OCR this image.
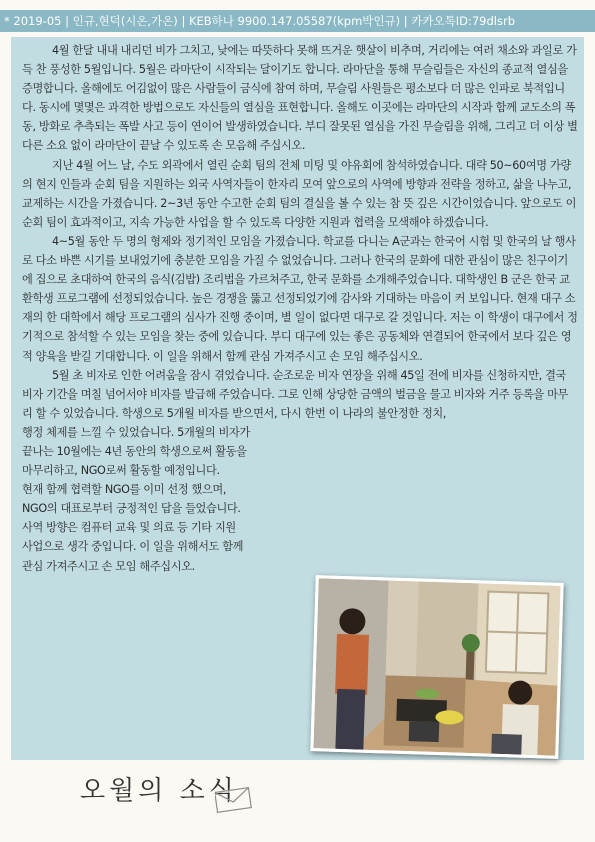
* 2019-05 | 인규,현덕(시온,가온) | KEB하나 9900.147.05587(kpm박인규) | 카카오톡ID:79dlsrb

4월 한달 내내 내리던 비가 그치고, 낮에는 따뜻하다 못해 뜨거운 햇살이 비추며, 거리에는 여러 채소와 과일로 가득 찬 풍성한 5월입니다. 5월은 라마단이 시작되는 달이기도 합니다. 라마단을 통해 무슬림들은 자신의 종교적 열심을 증명합니다. 올해에도 어김없이 많은 사람들이 금식에 참여 하며, 무슬림 사원들은 평소보다 더 많은 인파로 북적입니다. 동시에 몇몇은 과격한 방법으로도 자신들의 열심을 표현합니다. 올해도 이곳에는 라마단의 시작과 함께 교도소의 폭동, 방화로 추측되는 폭발 사고 등이 연이어 발생하였습니다. 부디 잘못된 열심을 가진 무슬림을 위해, 그리고 더 이상 별다른 소요 없이 라마단이 끝날 수 있도록 손 모음해 주십시오.

지난 4월 어느 날, 수도 외곽에서 열린 순회 팀의 전체 미팅 및 야유회에 참석하였습니다. 대략 50~60여명 가량의 현지 인들과 순회 팀을 지원하는 외국 사역자들이 한자리 모여 앞으로의 사역에 방향과 전략을 정하고, 삶을 나누고, 교제하는 시간을 가졌습니다. 2~3년 동안 수고한 순회 팀의 결실을 볼 수 있는 참 뜻 깊은 시간이었습니다. 앞으로도 이 순회 팀이 효과적이고, 지속 가능한 사업을 할 수 있도록 다양한 지원과 협력을 모색해야 하겠습니다.

4~5월 동안 두 명의 형제와 정기적인 모임을 가졌습니다. 학교를 다니는 A군과는 한국어 시험 및 한국의 날 행사로 다소 바쁜 시기를 보내었기에 충분한 모임을 가질 수 없었습니다. 그러나 한국의 문화에 대한 관심이 많은 친구이기에 집으로 초대하여 한국의 음식(김밥) 조리법을 가르쳐주고, 한국 문화를 소개해주었습니다. 대학생인 B 군은 한국 교환학생 프로그램에 선정되었습니다. 높은 경쟁을 뚫고 선정되었기에 감사와 기대하는 마음이 커 보입니다. 현재 대구 소재의 한 대학에서 해당 프로그램의 심사가 진행 중이며, 별 일이 없다면 대구로 갈 것입니다. 저는 이 학생이 대구에서 정기적으로 참석할 수 있는 모임을 찾는 중에 있습니다. 부디 대구에 있는 좋은 공동체와 연결되어 한국에서 보다 깊은 영적 양육을 받길 기대합니다. 이 일을 위해서 함께 관심 가져주시고 손 모임 해주십시오.

5월 초 비자로 인한 어려움을 잠시 겪었습니다. 순조로운 비자 연장을 위해 45일 전에 비자를 신청하지만, 결국 비자 기간을 며칠 넘어서야 비자를 발급해 주었습니다. 그로 인해 상당한 금액의 벌금을 물고 비자와 거주 등록을 마무리 할 수 있었습니다. 학생으로 5개월 비자를 받으면서, 다시 한번 이 나라의 불안정한 정치,

행정 체제를 느낄 수 있었습니다. 5개월의 비자가
끝나는 10월에는 4년 동안의 학생으로써 활동을
마무리하고, NGO로써 활동할 예정입니다.
현재 함께 협력할 NGO를 이미 선정 했으며,
NGO의 대표로부터 긍정적인 답을 들었습니다.
사역 방향은 컴퓨터 교육 및 의료 등 기타 지원
사업으로 생각 중입니다. 이 일을 위해서도 함께
관심 가져주시고 손 모임 해주십시오.
오월의 소식
